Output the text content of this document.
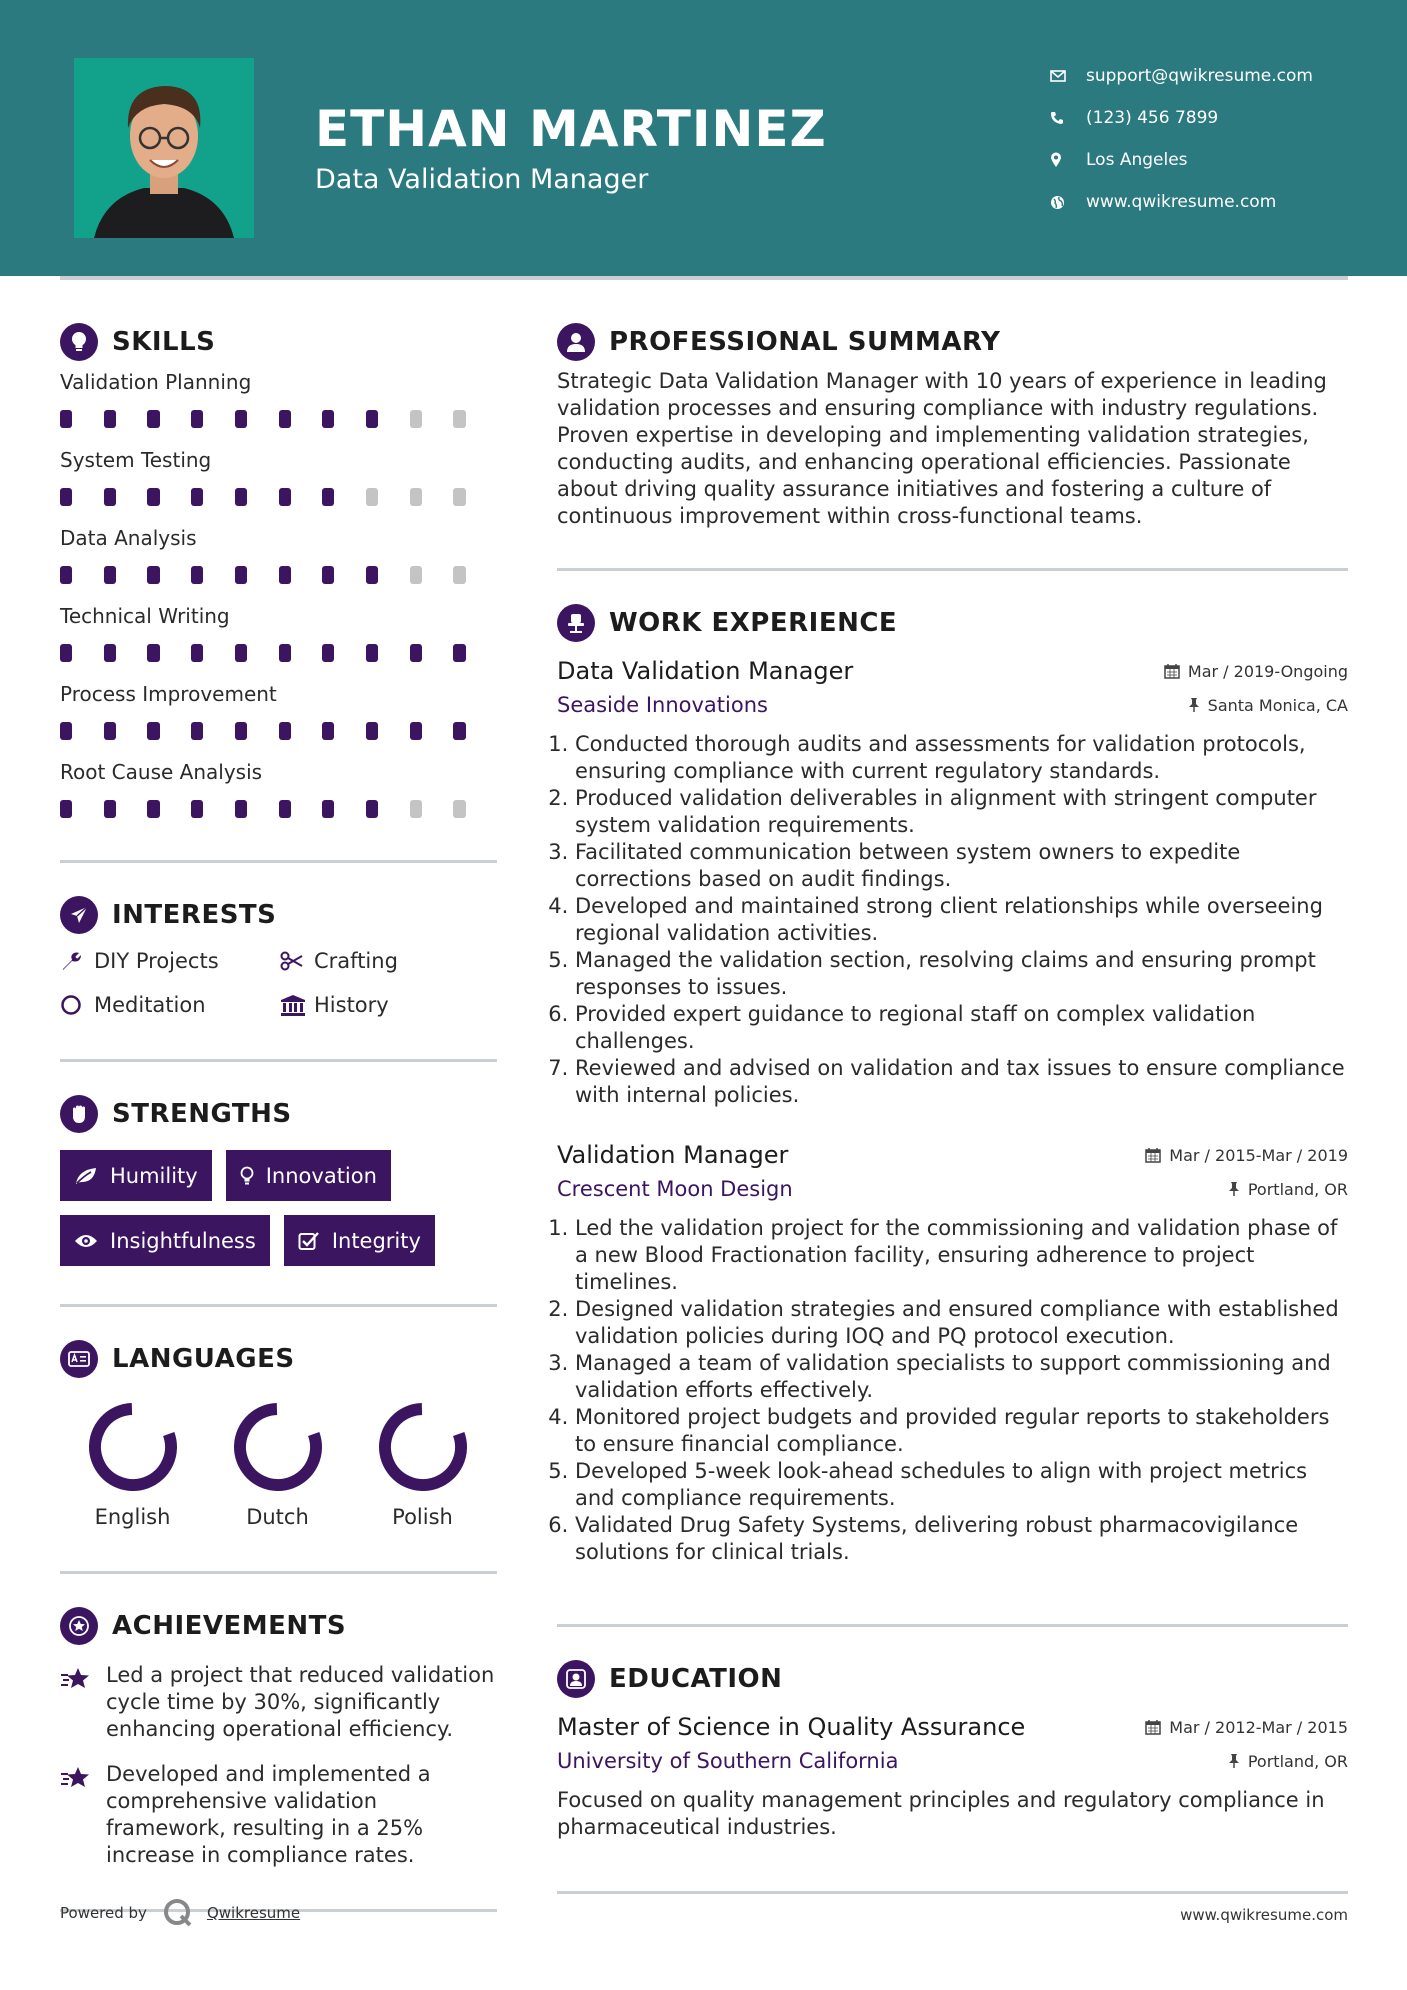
ETHAN MARTINEZ
Data Validation Manager
support@qwikresume.com
(123) 456 7899
Los Angeles
www.qwikresume.com
SKILLS
Validation Planning
System Testing
Data Analysis
Technical Writing
Process Improvement
Root Cause Analysis
INTERESTS
DIY Projects	Crafting
Meditation	History
STRENGTHS
Humility	Innovation
Insightfulness	Integrity
LANGUAGES
English	Dutch	Polish
ACHIEVEMENTS
Led a project that reduced validation cycle time by 30%, significantly enhancing operational efficiency.
Developed and implemented a comprehensive validation framework, resulting in a 25% increase in compliance rates.
PROFESSIONAL SUMMARY
Strategic Data Validation Manager with 10 years of experience in leading validation processes and ensuring compliance with industry regulations. Proven expertise in developing and implementing validation strategies, conducting audits, and enhancing operational efficiencies. Passionate about driving quality assurance initiatives and fostering a culture of continuous improvement within cross-functional teams.
WORK EXPERIENCE
Data Validation Manager	Mar / 2019-Ongoing
Seaside Innovations	Santa Monica, CA
1. Conducted thorough audits and assessments for validation protocols, ensuring compliance with current regulatory standards.
2. Produced validation deliverables in alignment with stringent computer system validation requirements.
3. Facilitated communication between system owners to expedite corrections based on audit findings.
4. Developed and maintained strong client relationships while overseeing regional validation activities.
5. Managed the validation section, resolving claims and ensuring prompt responses to issues.
6. Provided expert guidance to regional staff on complex validation challenges.
7. Reviewed and advised on validation and tax issues to ensure compliance with internal policies.
Validation Manager	Mar / 2015-Mar / 2019
Crescent Moon Design	Portland, OR
1. Led the validation project for the commissioning and validation phase of a new Blood Fractionation facility, ensuring adherence to project timelines.
2. Designed validation strategies and ensured compliance with established validation policies during IOQ and PQ protocol execution.
3. Managed a team of validation specialists to support commissioning and validation efforts effectively.
4. Monitored project budgets and provided regular reports to stakeholders to ensure financial compliance.
5. Developed 5-week look-ahead schedules to align with project metrics and compliance requirements.
6. Validated Drug Safety Systems, delivering robust pharmacovigilance solutions for clinical trials.
EDUCATION
Master of Science in Quality Assurance	Mar / 2012-Mar / 2015
University of Southern California	Portland, OR
Focused on quality management principles and regulatory compliance in pharmaceutical industries.
Powered by	Qwikresume	www.qwikresume.com
